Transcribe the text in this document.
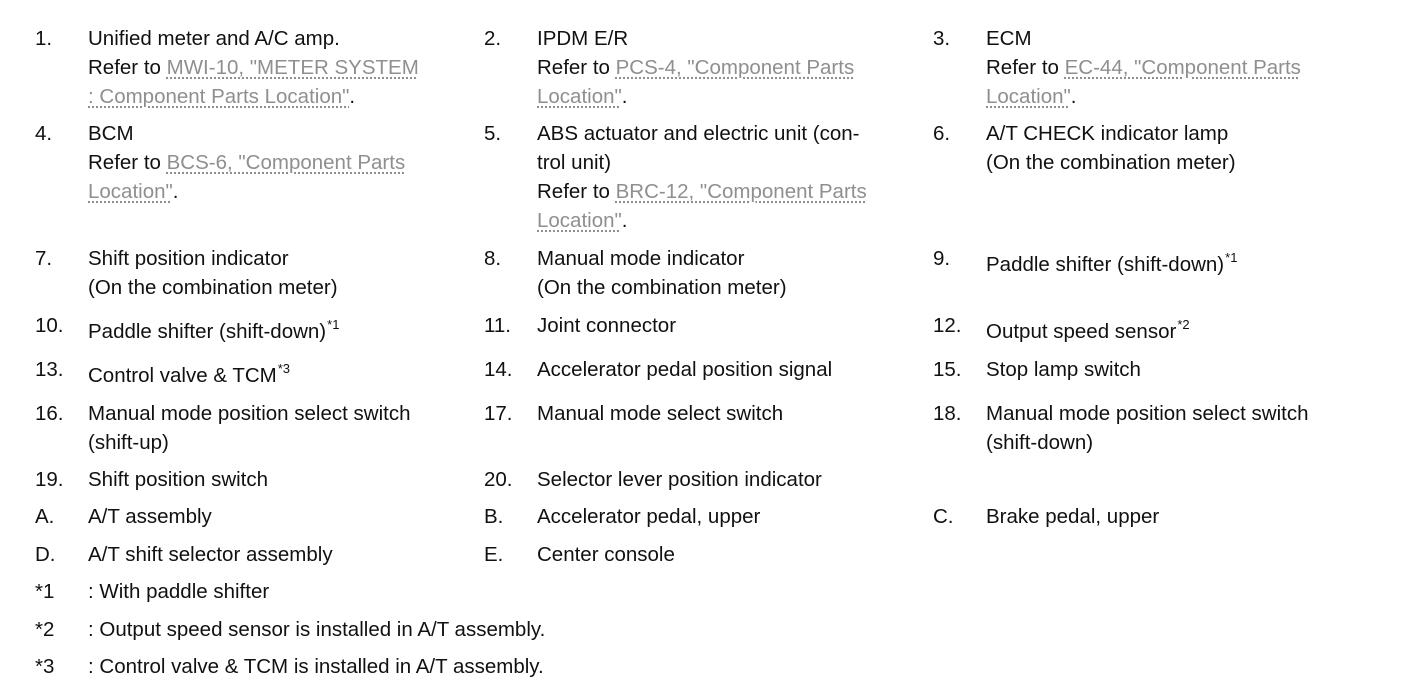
1. Unified meter and A/C amp.
Refer to MWI-10, "METER SYSTEM
: Component Parts Location".
4. BCM
Refer to BCS-6, "Component Parts
Location".
7. Shift position indicator
(On the combination meter)
10. Paddle shifter (shift-down)$^{*1}$
13. Control valve & TCM$^{*3}$
16. Manual mode position select switch
(shift-up)
19. Shift position switch
A. A/T assembly
D. A/T shift selector assembly
2. IPDM E/R
Refer to PCS-4, "Component Parts
Location".
5. ABS actuator and electric unit (con-
trol unit)
Refer to BRC-12, "Component Parts
Location".
8. Manual mode indicator
(On the combination meter)
11. Joint connector
14. Accelerator pedal position signal
17. Manual mode select switch
20. Selector lever position indicator
B. Accelerator pedal, upper
E. Center console
3. ECM
Refer to EC-44, "Component Parts
Location".
6. A/T CHECK indicator lamp
(On the combination meter)
9. Paddle shifter (shift-down)$^{*1}$
12. Output speed sensor$^{*2}$
15. Stop lamp switch
18. Manual mode position select switch
(shift-down)
C. Brake pedal, upper
*1 : With paddle shifter
*2 : Output speed sensor is installed in A/T assembly.
*3 : Control valve & TCM is installed in A/T assembly.
